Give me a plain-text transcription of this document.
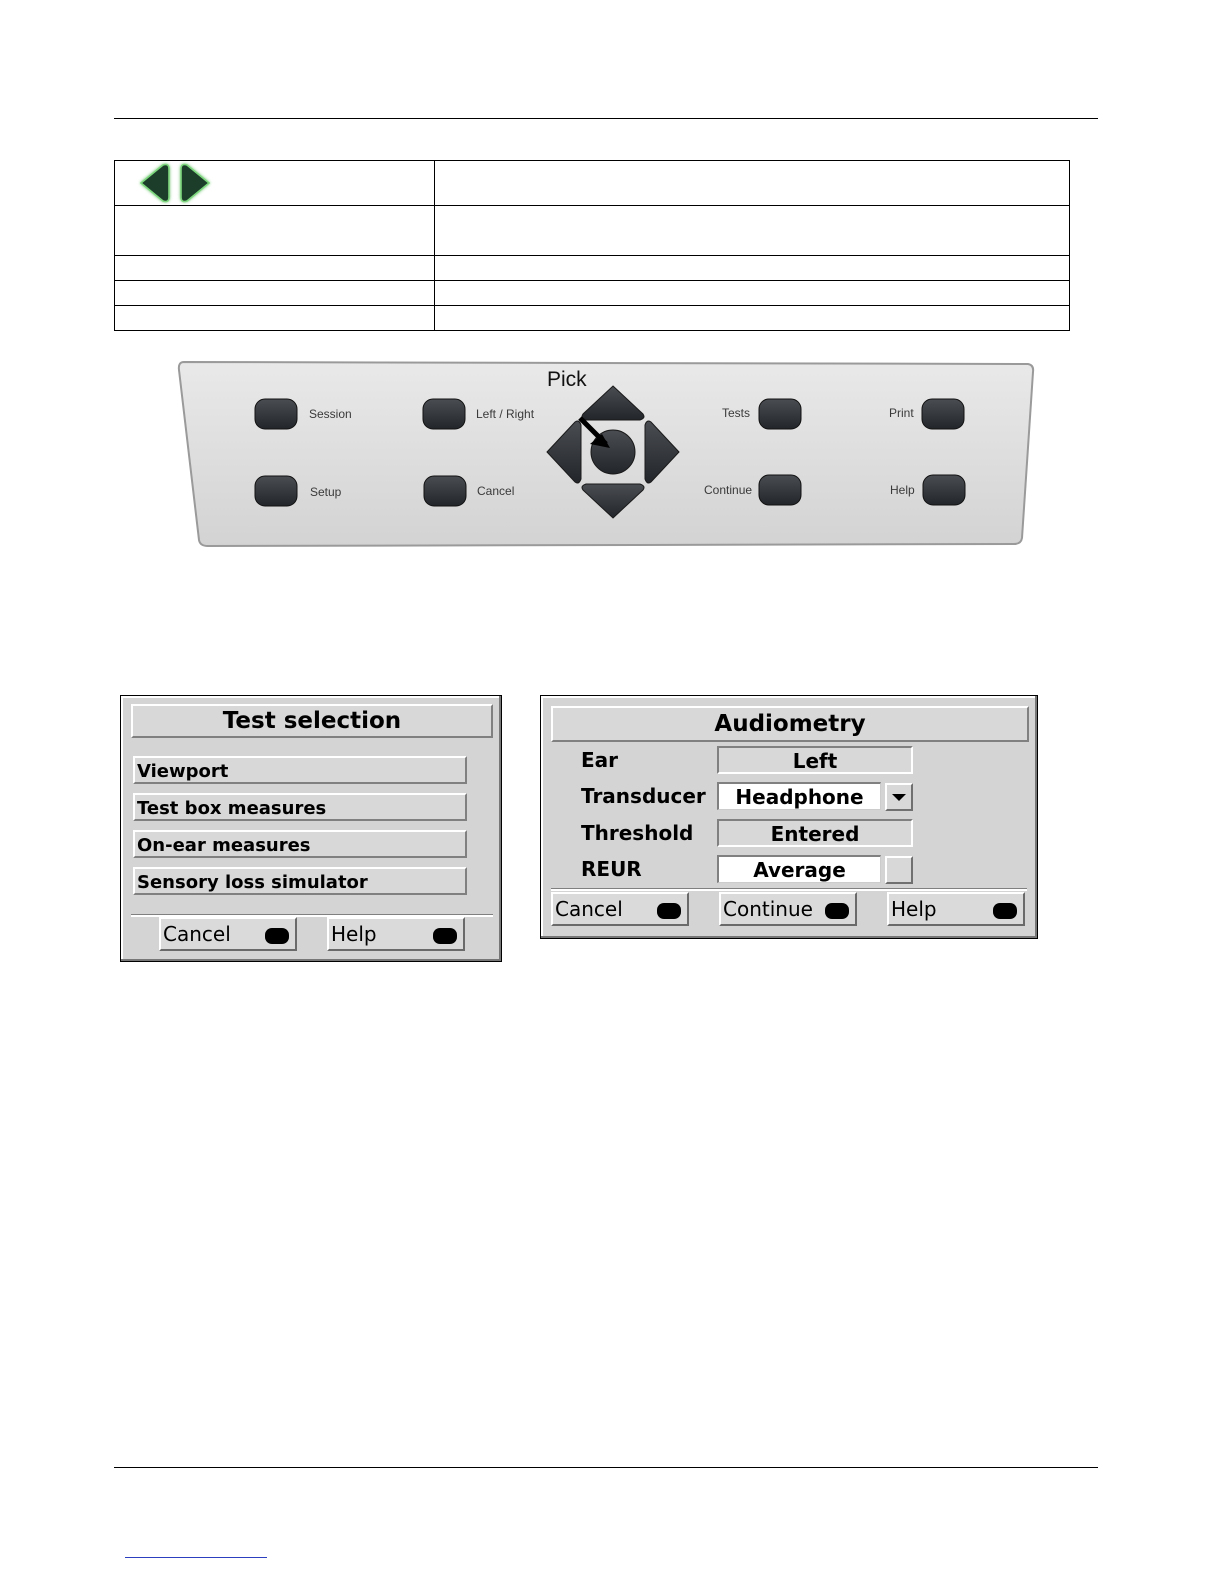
Pick
Session	Left / Right	Tests	Print
Setup	Cancel	Continue	Help
Test selection
Viewport
Test box measures
On-ear measures
Sensory loss simulator
Cancel	Help
Audiometry
Ear	Left
Transducer	Headphone
Threshold	Entered
REUR	Average
Cancel	Continue	Help
